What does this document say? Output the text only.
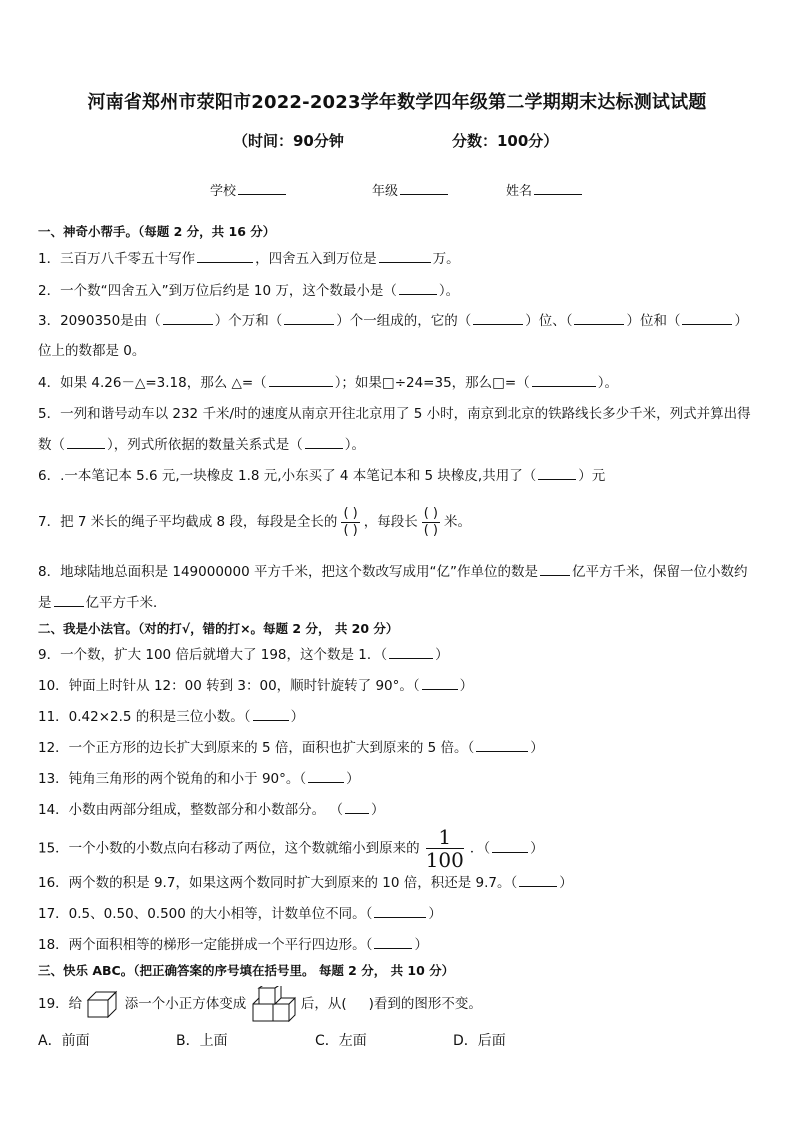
河南省郑州市荥阳市2022-2023学年数学四年级第二学期期末达标测试试题
（时间：90分钟	分数：100分）
学校	年级	姓名
一、神奇小帮手。（每题 2 分，共 16 分）
1．三百万八千零五十写作	，四舍五入到万位是	万。
2．一个数“四舍五入”到万位后约是 10 万，这个数最小是（	）。
3．2090350是由（	）个万和（	）个一组成的，它的（	）位、（	）位和（	）
位上的数都是 0。
4．如果 4.26－△=3.18，那么 △=（	）；如果□÷24=35，那么□=（	）。
5．一列和谐号动车以 232 千米/时的速度从南京开往北京用了 5 小时，南京到北京的铁路线长多少千米，列式并算出得
数（	），列式所依据的数量关系式是（	）。
6．.一本笔记本 5.6 元,一块橡皮 1.8 元,小东买了 4 本笔记本和 5 块橡皮,共用了（	）元
7．把 7 米长的绳子平均截成 8 段，每段是全长的 $\frac{( )}{( )}$ ，每段长 $\frac{( )}{( )}$ 米。
8．地球陆地总面积是 149000000 平方千米，把这个数改写成用“亿”作单位的数是	亿平方千米，保留一位小数约
是	亿平方千米．
二、我是小法官。（对的打√，错的打×。每题 2 分， 共 20 分）
9．一个数，扩大 100 倍后就增大了 198，这个数是 1．（	）
10．钟面上时针从 12：00 转到 3：00，顺时针旋转了 90°。（	）
11．0.42×2.5 的积是三位小数。（	）
12．一个正方形的边长扩大到原来的 5 倍，面积也扩大到原来的 5 倍。（	）
13．钝角三角形的两个锐角的和小于 90°。（	）
14．小数由两部分组成，整数部分和小数部分。 （ ）
15．一个小数的小数点向右移动了两位，这个数就缩小到原来的 $\frac{1}{100}$ ．（	）
16．两个数的积是 9.7，如果这两个数同时扩大到原来的 10 倍，积还是 9.7。（	）
17．0.5、0.50、0.500 的大小相等，计数单位不同。（	）
18．两个面积相等的梯形一定能拼成一个平行四边形。（	）
三、快乐 ABC。（把正确答案的序号填在括号里。 每题 2 分， 共 10 分）
19．给	添一个小正方体变成	后，从( )看到的图形不变。
A．前面	B．上面	C．左面	D．后面
